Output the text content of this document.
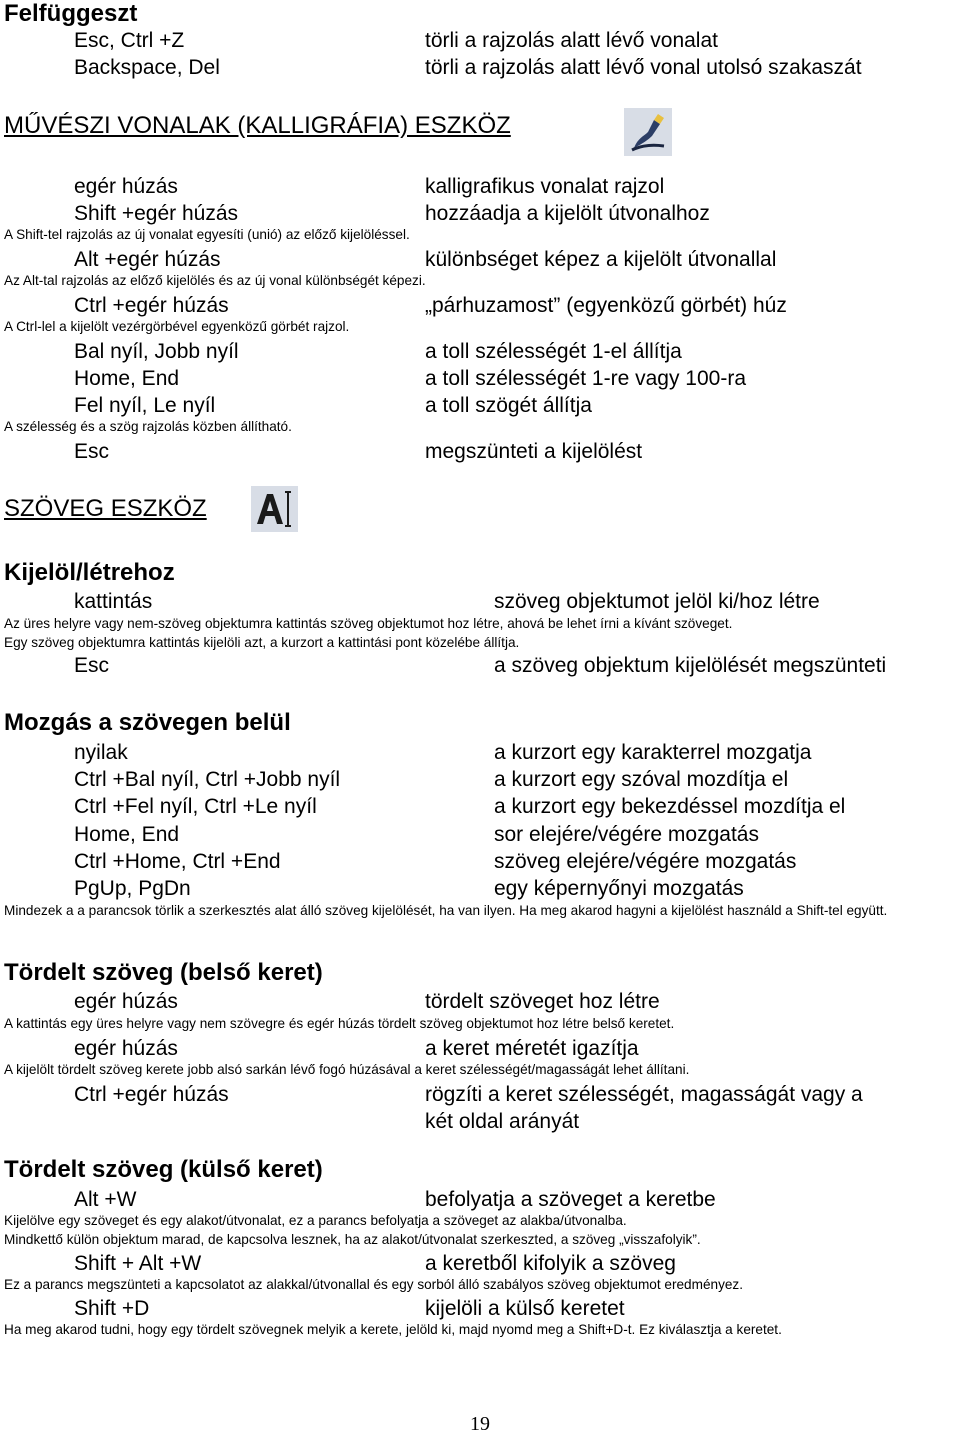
Felfüggeszt
Esc, Ctrl +Z	törli a rajzolás alatt lévő vonalat
Backspace, Del	törli a rajzolás alatt lévő vonal utolsó szakaszát
MŰVÉSZI VONALAK (KALLIGRÁFIA) ESZKÖZ
egér húzás	kalligrafikus vonalat rajzol
Shift +egér húzás	hozzáadja a kijelölt útvonalhoz
A Shift-tel rajzolás az új vonalat egyesíti (unió) az előző kijelöléssel.
Alt +egér húzás	különbséget képez a kijelölt útvonallal
Az Alt-tal rajzolás az előző kijelölés és az új vonal különbségét képezi.
Ctrl +egér húzás	„párhuzamost” (egyenközű görbét) húz
A Ctrl-lel a kijelölt vezérgörbével egyenközű görbét rajzol.
Bal nyíl, Jobb nyíl	a toll szélességét 1-el állítja
Home, End	a toll szélességét 1-re vagy 100-ra
Fel nyíl, Le nyíl	a toll szögét állítja
A szélesség és a szög rajzolás közben állítható.
Esc	megszünteti a kijelölést
SZÖVEG ESZKÖZ
Kijelöl/létrehoz
kattintás	szöveg objektumot jelöl ki/hoz létre
Az üres helyre vagy nem-szöveg objektumra kattintás szöveg objektumot hoz létre, ahová be lehet írni a kívánt szöveget.
Egy szöveg objektumra kattintás kijelöli azt, a kurzort a kattintási pont közelébe állítja.
Esc	a szöveg objektum kijelölését megszünteti
Mozgás a szövegen belül
nyilak	a kurzort egy karakterrel mozgatja
Ctrl +Bal nyíl, Ctrl +Jobb nyíl	a kurzort egy szóval mozdítja el
Ctrl +Fel nyíl, Ctrl +Le nyíl	a kurzort egy bekezdéssel mozdítja el
Home, End	sor elejére/végére mozgatás
Ctrl +Home, Ctrl +End	szöveg elejére/végére mozgatás
PgUp, PgDn	egy képernyőnyi mozgatás
Mindezek a a parancsok törlik a szerkesztés alat álló szöveg kijelölését, ha van ilyen. Ha meg akarod hagyni a kijelölést használd a Shift-tel együtt.
Tördelt szöveg (belső keret)
egér húzás	tördelt szöveget hoz létre
A kattintás egy üres helyre vagy nem szövegre és egér húzás tördelt szöveg objektumot hoz létre belső keretet.
egér húzás	a keret méretét igazítja
A kijelölt tördelt szöveg kerete jobb alsó sarkán lévő fogó húzásával a keret szélességét/magasságát lehet állítani.
Ctrl +egér húzás	rögzíti a keret szélességét, magasságát vagy a
két oldal arányát
Tördelt szöveg (külső keret)
Alt +W	befolyatja a szöveget a keretbe
Kijelölve egy szöveget és egy alakot/útvonalat, ez a parancs befolyatja a szöveget az alakba/útvonalba.
Mindkettő külön objektum marad, de kapcsolva lesznek, ha az alakot/útvonalat szerkeszted, a szöveg „visszafolyik”.
Shift + Alt +W	a keretből kifolyik a szöveg
Ez a parancs megszünteti a kapcsolatot az alakkal/útvonallal és egy sorból álló szabályos szöveg objektumot eredményez.
Shift +D	kijelöli a külső keretet
Ha meg akarod tudni, hogy egy tördelt szövegnek melyik a kerete, jelöld ki, majd nyomd meg a Shift+D-t. Ez kiválasztja a keretet.
19
